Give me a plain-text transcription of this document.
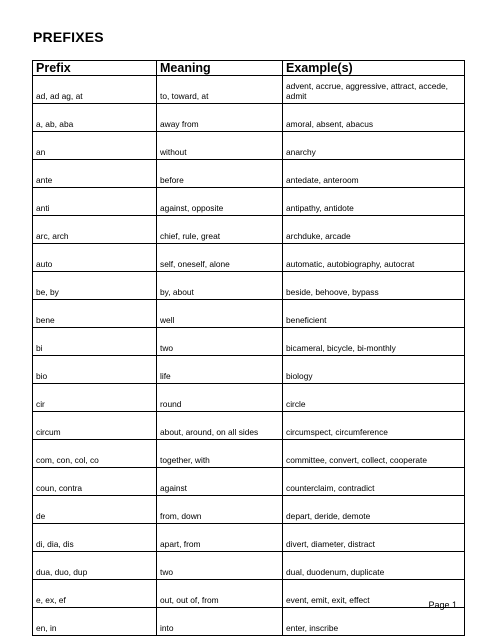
PREFIXES
Prefix	Meaning	Example(s)
ad, ad ag, at	to, toward, at	advent, accrue, aggressive, attract, accede, admit
a, ab, aba	away from	amoral, absent, abacus
an	without	anarchy
ante	before	antedate, anteroom
anti	against, opposite	antipathy, antidote
arc, arch	chief, rule, great	archduke, arcade
auto	self, oneself, alone	automatic, autobiography, autocrat
be, by	by, about	beside, behoove, bypass
bene	well	beneficient
bi	two	bicameral, bicycle, bi-monthly
bio	life	biology
cir	round	circle
circum	about, around, on all sides	circumspect, circumference
com, con, col, co	together, with	committee, convert, collect, cooperate
coun, contra	against	counterclaim, contradict
de	from, down	depart, deride, demote
di, dia, dis	apart, from	divert, diameter, distract
dua, duo, dup	two	dual, duodenum, duplicate
e, ex, ef	out, out of, from	event, emit, exit, effect
en, in	into	enter, inscribe
Page 1
